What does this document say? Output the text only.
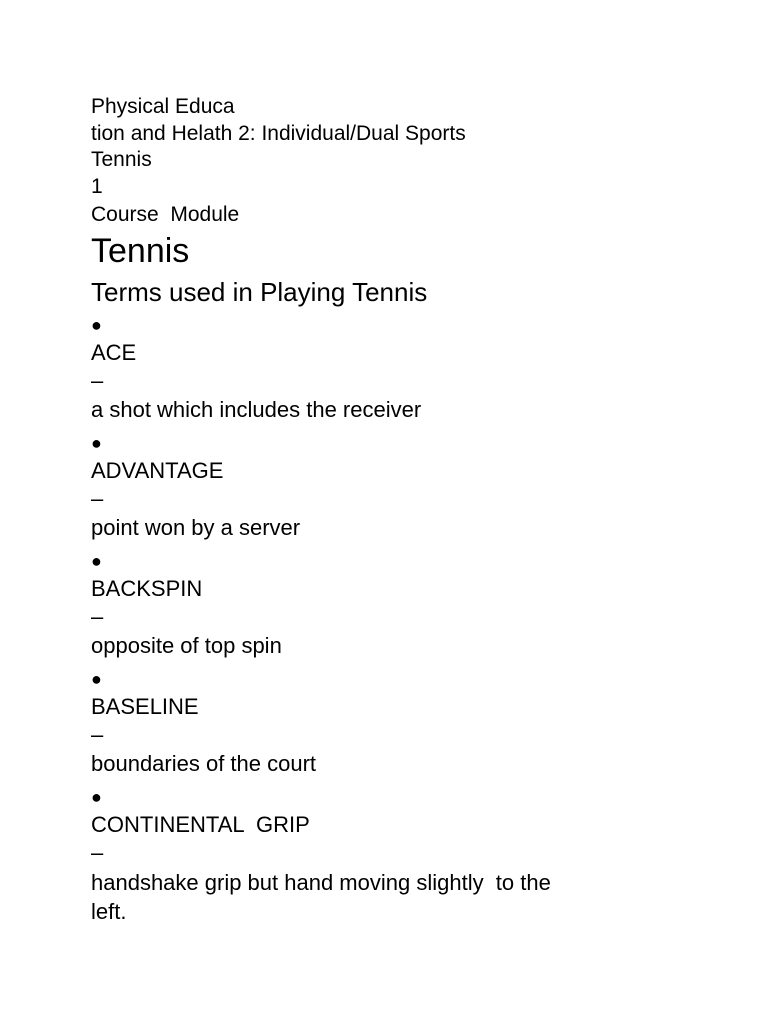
Physical Educa
tion and Helath 2: Individual/Dual Sports
Tennis
1
Course  Module
Tennis
Terms used in Playing Tennis
●
ACE
–
a shot which includes the receiver
●
ADVANTAGE
–
point won by a server
●
BACKSPIN
–
opposite of top spin
●
BASELINE
–
boundaries of the court
●
CONTINENTAL  GRIP
–
handshake grip but hand moving slightly  to the
left.
